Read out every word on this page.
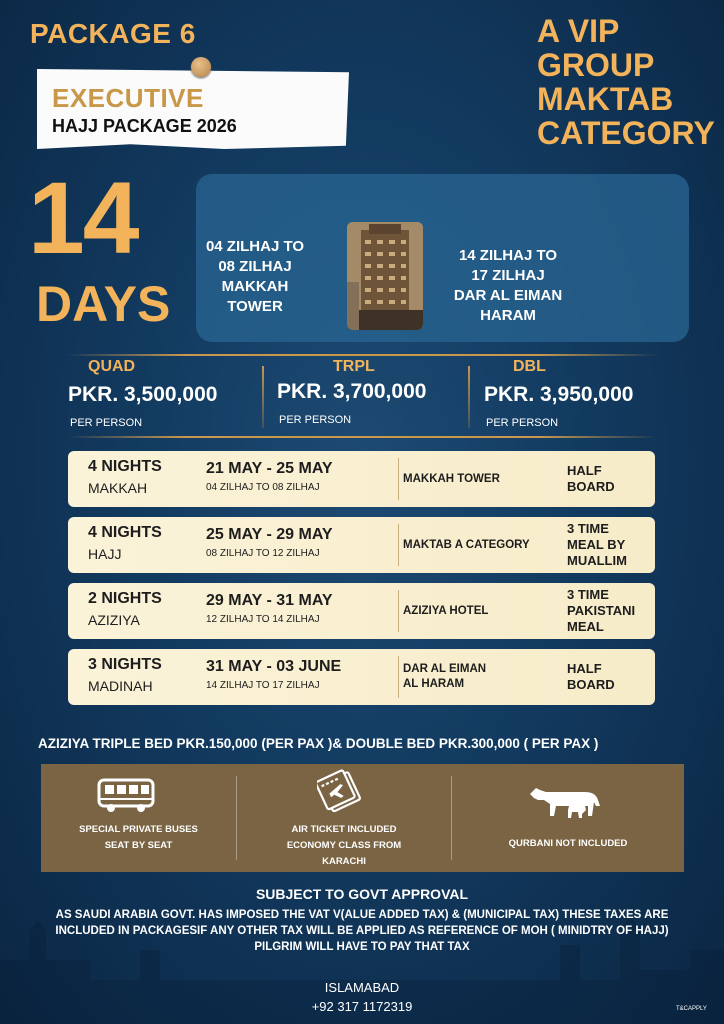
PACKAGE 6	A VIP
GROUP
MAKTAB
CATEGORY
EXECUTIVE
HAJJ PACKAGE 2026
14
DAYS
04 ZILHAJ TO
08 ZILHAJ
MAKKAH
TOWER
14 ZILHAJ TO
17 ZILHAJ
DAR AL EIMAN
HARAM
QUAD
PKR. 3,500,000
PER PERSON
TRPL
PKR. 3,700,000
PER PERSON
DBL
PKR. 3,950,000
PER PERSON
4 NIGHTS
MAKKAH
21 MAY - 25 MAY
04 ZILHAJ TO 08 ZILHAJ
MAKKAH TOWER
HALF
BOARD
4 NIGHTS
HAJJ
25 MAY - 29 MAY
08 ZILHAJ TO 12 ZILHAJ
MAKTAB A CATEGORY
3 TIME
MEAL BY
MUALLIM
2 NIGHTS
AZIZIYA
29 MAY - 31 MAY
12 ZILHAJ TO 14 ZILHAJ
AZIZIYA HOTEL
3 TIME
PAKISTANI
MEAL
3 NIGHTS
MADINAH
31 MAY - 03 JUNE
14 ZILHAJ TO 17 ZILHAJ
DAR AL EIMAN
AL HARAM
HALF
BOARD
AZIZIYA TRIPLE BED PKR.150,000 (PER PAX )& DOUBLE BED PKR.300,000 ( PER PAX )
SPECIAL PRIVATE BUSES
SEAT BY SEAT
AIR TICKET INCLUDED
ECONOMY CLASS FROM
KARACHI
QURBANI NOT INCLUDED
SUBJECT TO GOVT APPROVAL
AS SAUDI ARABIA GOVT. HAS IMPOSED THE VAT V(ALUE ADDED TAX) & (MUNICIPAL TAX) THESE TAXES ARE
INCLUDED IN PACKAGESIF ANY OTHER TAX WILL BE APPLIED AS REFERENCE OF MOH ( MINIDTRY OF HAJJ)
PILGRIM WILL HAVE TO PAY THAT TAX
ISLAMABAD
+92 317 1172319	T&CAPPLY
